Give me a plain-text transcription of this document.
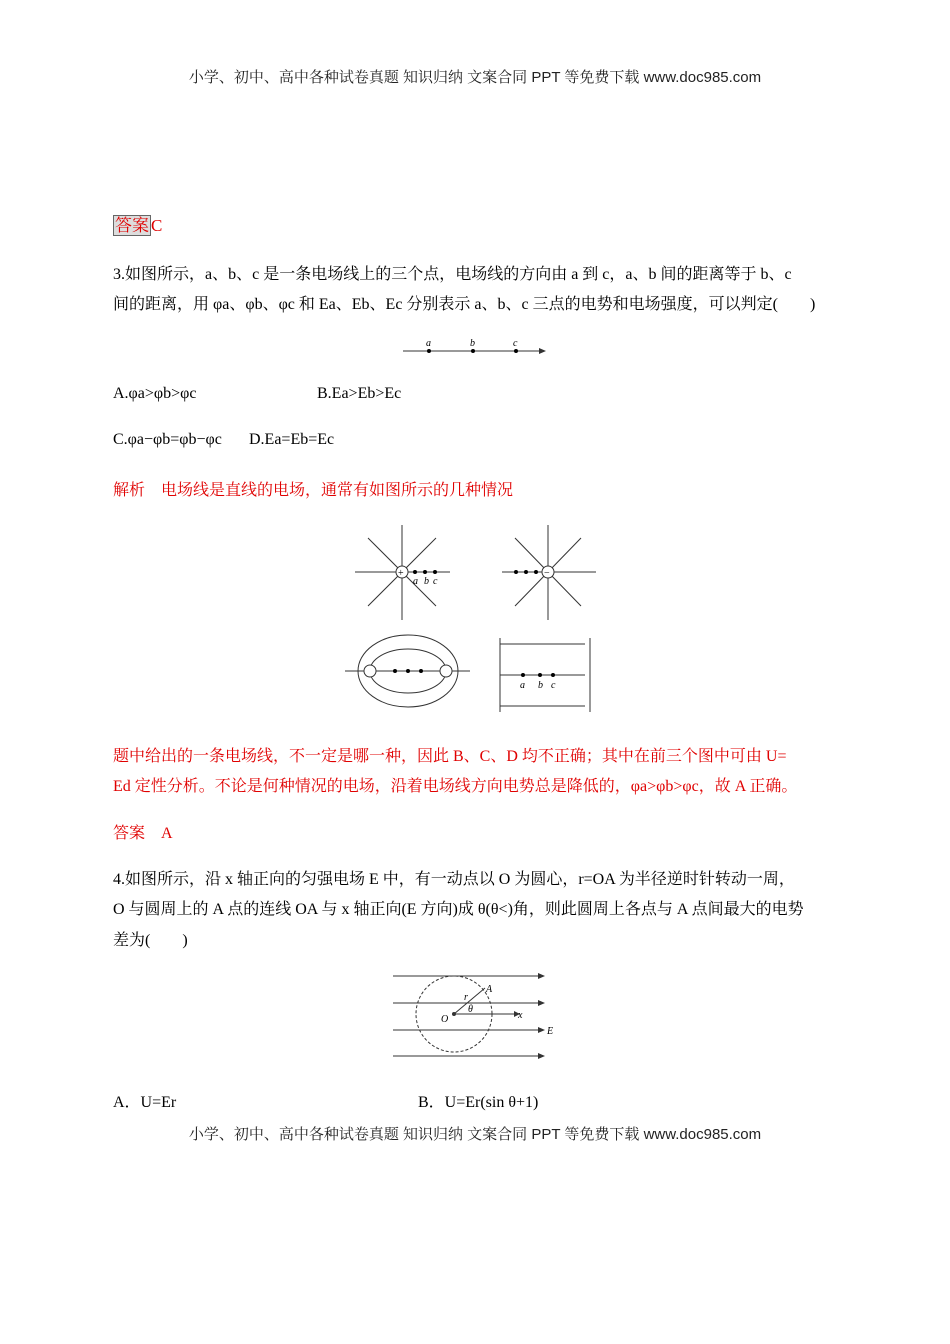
小学、初中、高中各种试卷真题 知识归纳 文案合同 PPT 等免费下载 www.doc985.com
答案 C
3.如图所示，a、b、c 是一条电场线上的三个点，电场线的方向由 a 到 c，a、b 间的距离等于 b、c
间的距离，用 φa、φb、φc 和 Ea、Eb、Ec 分别表示 a、b、c 三点的电势和电场强度，可以判定(　　)
a	b	c
A.φa>φb>φc	B.Ea>Eb>Ec
C.φa−φb=φb−φc D.Ea=Eb=Ec
解析　 电场线是直线的电场，通常有如图所示的几种情况
+	−
a b c
a b c
题中给出的一条电场线，不一定是哪一种，因此 B、C、D 均不正确；其中在前三个图中可由 U=
Ed 定性分析。不论是何种情况的电场，沿着电场线方向电势总是降低的，φa>φb>φc，故 A 正确。
答案　 A
4.如图所示，沿 x 轴正向的匀强电场 E 中，有一动点以 O 为圆心，r=OA 为半径逆时针转动一周，
O 与圆周上的 A 点的连线 OA 与 x 轴正向(E 方向)成 θ(θ<)角，则此圆周上各点与 A 点间最大的电势
差为(　　)
A
r
θ
O	x
E
A．U=Er	B．U=Er(sin θ+1)
小学、初中、高中各种试卷真题 知识归纳 文案合同 PPT 等免费下载 www.doc985.com
